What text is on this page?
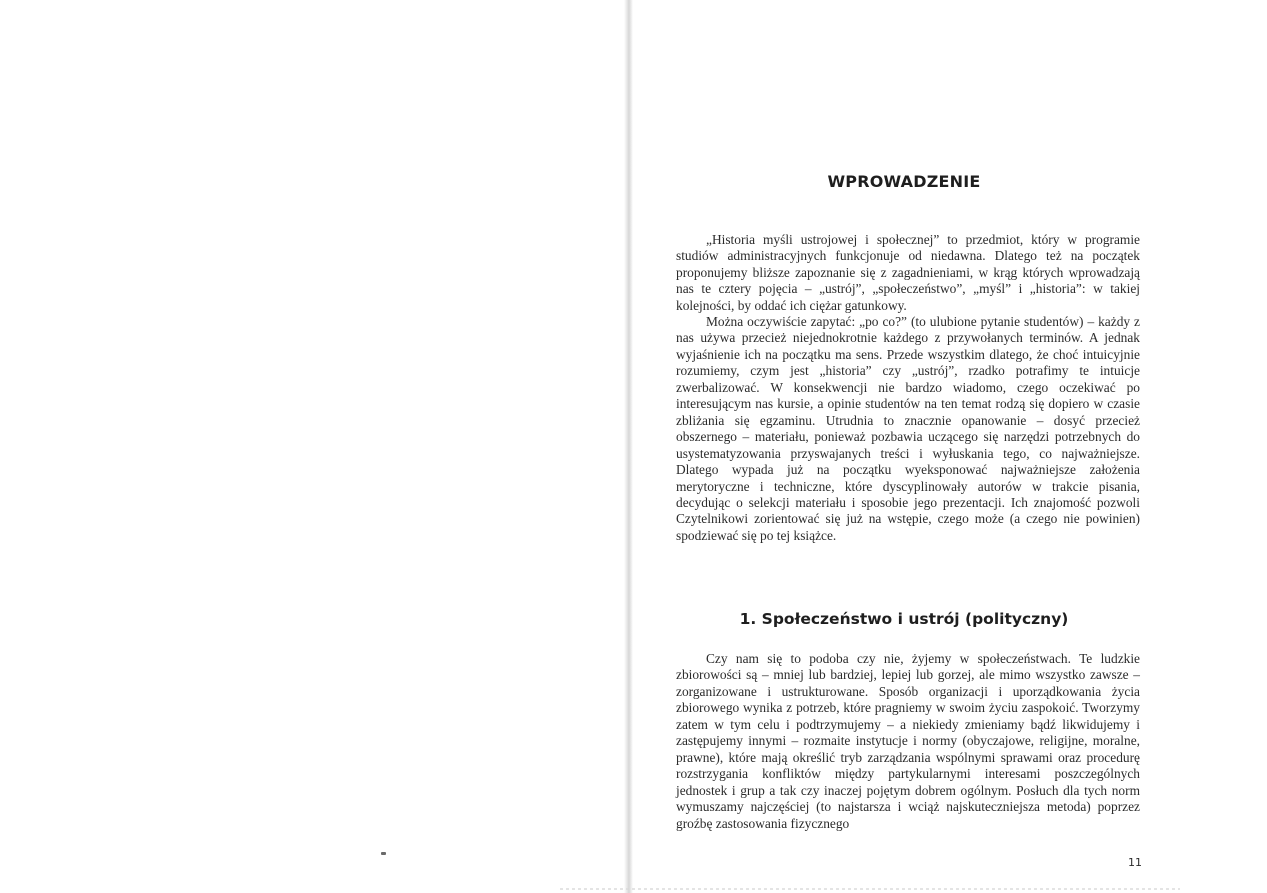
WPROWADZENIE

„Historia myśli ustrojowej i społecznej” to przedmiot, który w programie studiów administracyjnych funkcjonuje od niedawna. Dlatego też na początek proponujemy bliższe zapoznanie się z zagadnieniami, w krąg których wprowadzają nas te cztery pojęcia – „ustrój”, „społeczeństwo”, „myśl” i „historia”: w takiej kolejności, by oddać ich ciężar gatunkowy.

Można oczywiście zapytać: „po co?” (to ulubione pytanie studentów) – każdy z nas używa przecież niejednokrotnie każdego z przywołanych terminów. A jednak wyjaśnienie ich na początku ma sens. Przede wszystkim dlatego, że choć intuicyjnie rozumiemy, czym jest „historia” czy „ustrój”, rzadko potrafimy te intuicje zwerbalizować. W konsekwencji nie bardzo wiadomo, czego oczekiwać po interesującym nas kursie, a opinie studentów na ten temat rodzą się dopiero w czasie zbliżania się egzaminu. Utrudnia to znacznie opanowanie – dosyć przecież obszernego – materiału, ponieważ pozbawia uczącego się narzędzi potrzebnych do usystematyzowania przyswajanych treści i wyłuskania tego, co najważniejsze. Dlatego wypada już na początku wyeksponować najważniejsze założenia merytoryczne i techniczne, które dyscyplinowały autorów w trakcie pisania, decydując o selekcji materiału i sposobie jego prezentacji. Ich znajomość pozwoli Czytelnikowi zorientować się już na wstępie, czego może (a czego nie powinien) spodziewać się po tej książce.

1. Społeczeństwo i ustrój (polityczny)

Czy nam się to podoba czy nie, żyjemy w społeczeństwach. Te ludzkie zbiorowości są – mniej lub bardziej, lepiej lub gorzej, ale mimo wszystko zawsze – zorganizowane i ustrukturowane. Sposób organizacji i uporządkowania życia zbiorowego wynika z potrzeb, które pragniemy w swoim życiu zaspokoić. Tworzymy zatem w tym celu i podtrzymujemy – a niekiedy zmieniamy bądź likwidujemy i zastępujemy innymi – rozmaite instytucje i normy (obyczajowe, religijne, moralne, prawne), które mają określić tryb zarządzania wspólnymi sprawami oraz procedurę rozstrzygania konfliktów między partykularnymi interesami poszczególnych jednostek i grup a tak czy inaczej pojętym dobrem ogólnym. Posłuch dla tych norm wymuszamy najczęściej (to najstarsza i wciąż najskuteczniejsza metoda) poprzez groźbę zastosowania fizycznego

11
